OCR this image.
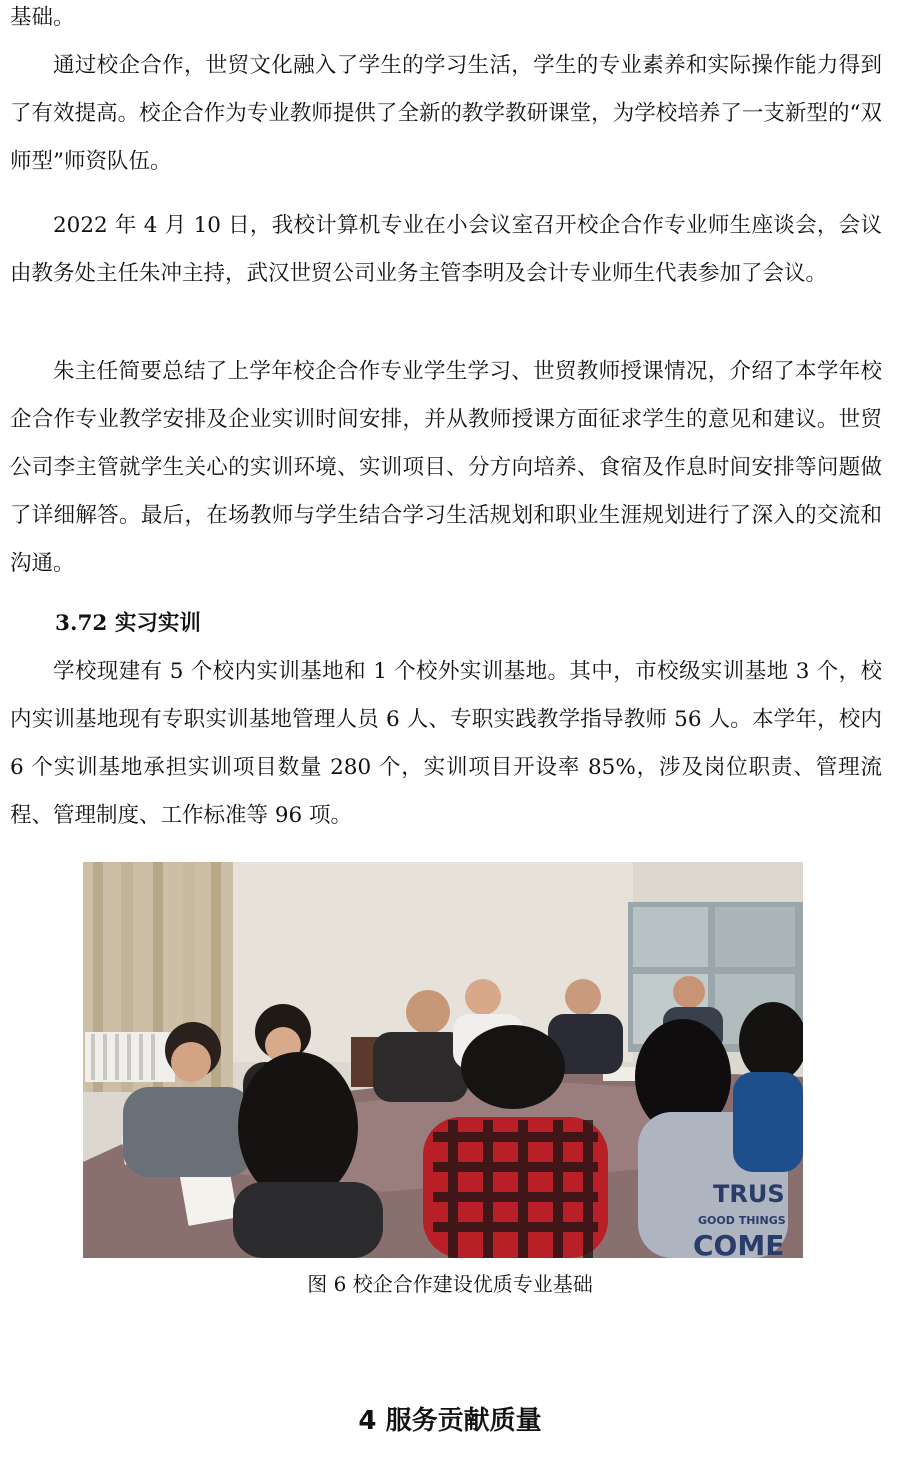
基础。

通过校企合作，世贸文化融入了学生的学习生活，学生的专业素养和实际操作能力得到了有效提高。校企合作为专业教师提供了全新的教学教研课堂，为学校培养了一支新型的“双师型”师资队伍。

2022 年 4 月 10 日，我校计算机专业在小会议室召开校企合作专业师生座谈会，会议由教务处主任朱冲主持，武汉世贸公司业务主管李明及会计专业师生代表参加了会议。

朱主任简要总结了上学年校企合作专业学生学习、世贸教师授课情况，介绍了本学年校企合作专业教学安排及企业实训时间安排，并从教师授课方面征求学生的意见和建议。世贸公司李主管就学生关心的实训环境、实训项目、分方向培养、食宿及作息时间安排等问题做了详细解答。最后，在场教师与学生结合学习生活规划和职业生涯规划进行了深入的交流和沟通。

3.72 实习实训

学校现建有 5 个校内实训基地和 1 个校外实训基地。其中，市校级实训基地 3 个，校内实训基地现有专职实训基地管理人员 6 人、专职实践教学指导教师 56 人。本学年，校内 6 个实训基地承担实训项目数量 280 个，实训项目开设率 85%，涉及岗位职责、管理流程、管理制度、工作标准等 96 项。

TRUS
GOOD THINGS
COME

图 6 校企合作建设优质专业基础

4 服务贡献质量
